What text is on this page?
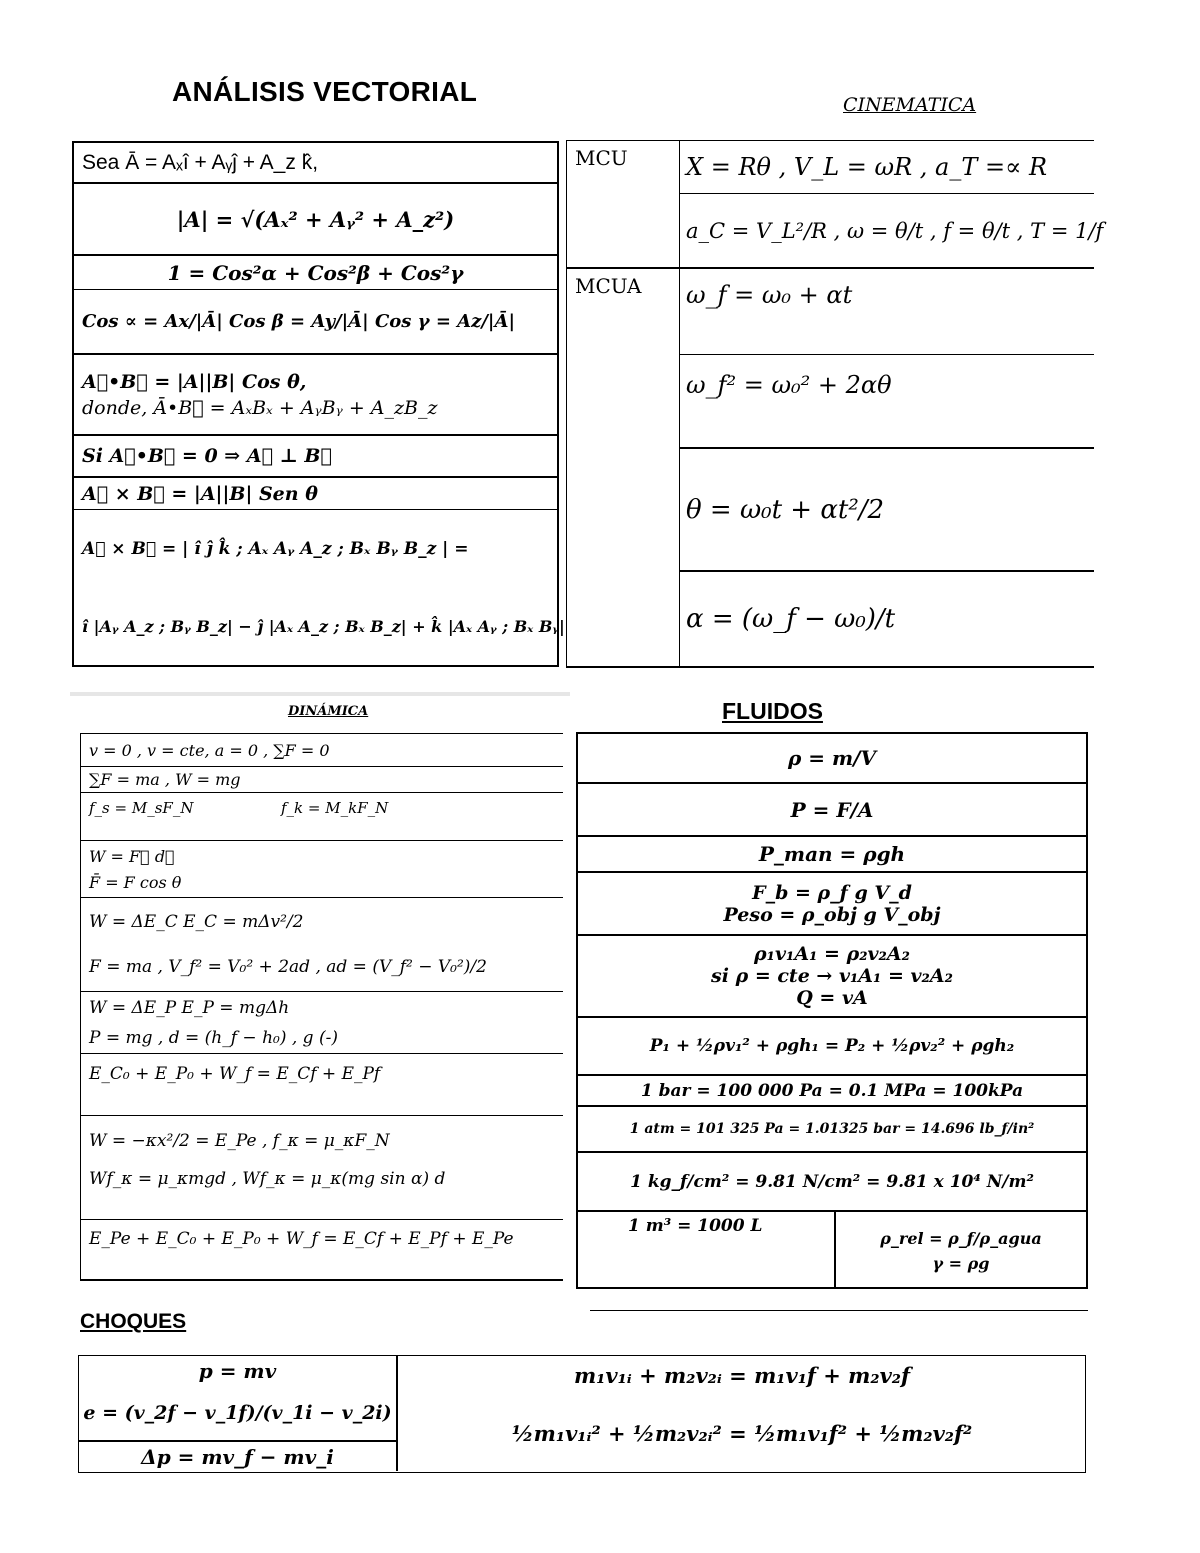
ANÁLISIS VECTORIAL
Sea Ā = Aₓî + Aᵧĵ + A_z k̂,
|A| = √(Aₓ² + Aᵧ² + A_z²)
1 = Cos²α + Cos²β + Cos²γ
Cos ∝ = Ax/|Ā| Cos β = Ay/|Ā| Cos γ = Az/|Ā|
A⃗•B⃗ = |A||B| Cos θ,
donde, Ā•B⃗ = AₓBₓ + AᵧBᵧ + A_zB_z
Si A⃗•B⃗ = 0 ⇒ A⃗ ⊥ B⃗
A⃗ × B⃗ = |A||B| Sen θ
A⃗ × B⃗ = | î ĵ k̂ ; Aₓ Aᵧ A_z ; Bₓ Bᵧ B_z | =
î |Aᵧ A_z ; Bᵧ B_z| − ĵ |Aₓ A_z ; Bₓ B_z| + k̂ |Aₓ Aᵧ ; Bₓ Bᵧ|
CINEMATICA
MCU
MCUA
X = Rθ , V_L = ωR , a_T =∝ R
a_C = V_L²/R , ω = θ/t , f = θ/t , T = 1/f
ω_f = ω₀ + αt
ω_f² = ω₀² + 2αθ
θ = ω₀t + αt²/2
α = (ω_f − ω₀)/t
DINÁMICA
v = 0 , v = cte, a = 0 , ∑F = 0
∑F = ma , W = mg
f_s = M_sF_N	f_k = M_kF_N
W = F⃗ d⃗
F̄ = F cos θ
W = ΔE_C E_C = mΔv²/2
F = ma , V_f² = V₀² + 2ad , ad = (V_f² − V₀²)/2
W = ΔE_P E_P = mgΔh
P = mg , d = (h_f − h₀) , g (-)
E_C₀ + E_P₀ + W_f = E_Cf + E_Pf
W = −κx²/2 = E_Pe , f_κ = μ_κF_N
Wf_κ = μ_κmgd , Wf_κ = μ_κ(mg sin α) d
E_Pe + E_C₀ + E_P₀ + W_f = E_Cf + E_Pf + E_Pe
FLUIDOS
ρ = m/V
P = F/A
P_man = ρgh
F_b = ρ_f g V_d
Peso = ρ_obj g V_obj
ρ₁v₁A₁ = ρ₂v₂A₂
si ρ = cte → v₁A₁ = v₂A₂
Q = vA
P₁ + ½ρv₁² + ρgh₁ = P₂ + ½ρv₂² + ρgh₂
1 bar = 100 000 Pa = 0.1 MPa = 100kPa
1 atm = 101 325 Pa = 1.01325 bar = 14.696 lb_f/in²
1 kg_f/cm² = 9.81 N/cm² = 9.81 x 10⁴ N/m²
1 m³ = 1000 L
ρ_rel = ρ_f/ρ_agua
γ = ρg
CHOQUES
p = mv
e = (v_2f − v_1f)/(v_1i − v_2i)
Δp = mv_f − mv_i
m₁v₁ᵢ + m₂v₂ᵢ = m₁v₁f + m₂v₂f
½m₁v₁ᵢ² + ½m₂v₂ᵢ² = ½m₁v₁f² + ½m₂v₂f²
